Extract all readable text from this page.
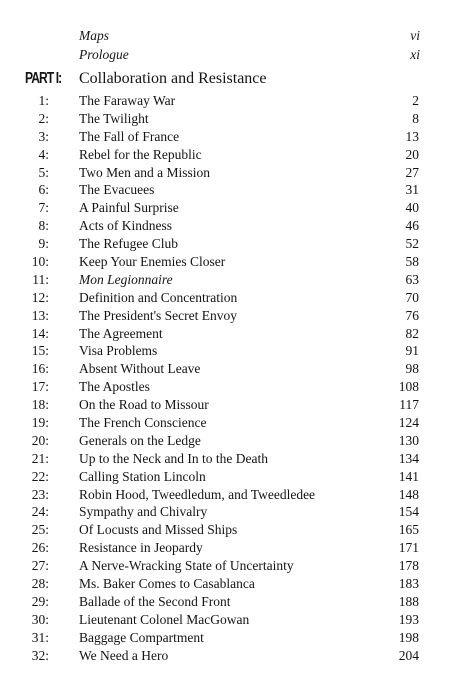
Maps	vi
Prologue	xi
PART I: Collaboration and Resistance
1: The Faraway War	2
2: The Twilight	8
3: The Fall of France	13
4: Rebel for the Republic	20
5: Two Men and a Mission	27
6: The Evacuees	31
7: A Painful Surprise	40
8: Acts of Kindness	46
9: The Refugee Club	52
10: Keep Your Enemies Closer	58
11: Mon Legionnaire	63
12: Definition and Concentration	70
13: The President's Secret Envoy	76
14: The Agreement	82
15: Visa Problems	91
16: Absent Without Leave	98
17: The Apostles	108
18: On the Road to Missour	117
19: The French Conscience	124
20: Generals on the Ledge	130
21: Up to the Neck and In to the Death	134
22: Calling Station Lincoln	141
23: Robin Hood, Tweedledum, and Tweedledee	148
24: Sympathy and Chivalry	154
25: Of Locusts and Missed Ships	165
26: Resistance in Jeopardy	171
27: A Nerve-Wracking State of Uncertainty	178
28: Ms. Baker Comes to Casablanca	183
29: Ballade of the Second Front	188
30: Lieutenant Colonel MacGowan	193
31: Baggage Compartment	198
32: We Need a Hero	204
